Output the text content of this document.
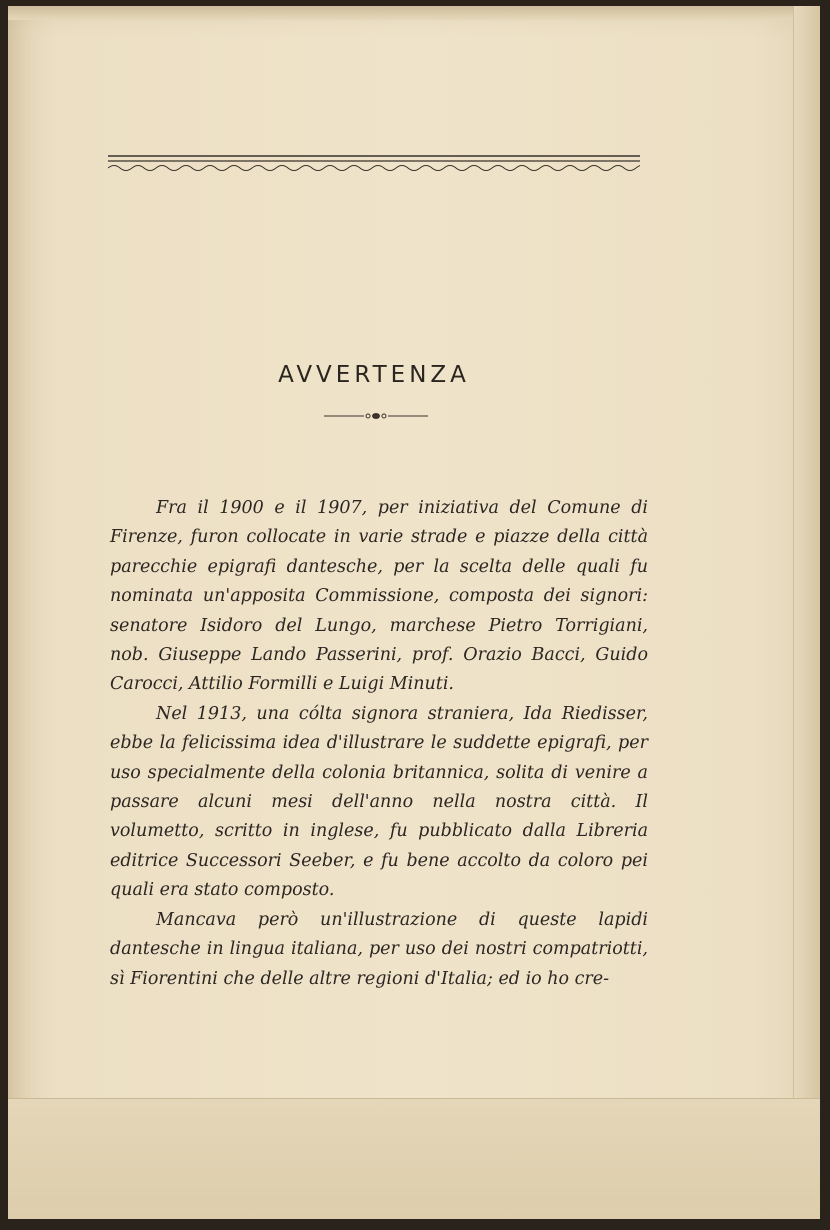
AVVERTENZA

Fra il 1900 e il 1907, per iniziativa del Comune di Firenze, furon collocate in varie strade e piazze della città parecchie epigrafi dantesche, per la scelta delle quali fu nominata un'apposita Commissione, composta dei signori: senatore Isidoro del Lungo, marchese Pietro Torrigiani, nob. Giuseppe Lando Passerini, prof. Orazio Bacci, Guido Carocci, Attilio Formilli e Luigi Minuti.

Nel 1913, una cólta signora straniera, Ida Riedisser, ebbe la felicissima idea d'illustrare le suddette epigrafi, per uso specialmente della colonia britannica, solita di venire a passare alcuni mesi dell'anno nella nostra città. Il volumetto, scritto in inglese, fu pubblicato dalla Libreria editrice Successori Seeber, e fu bene accolto da coloro pei quali era stato composto.

Mancava però un'illustrazione di queste lapidi dantesche in lingua italiana, per uso dei nostri compatriotti, sì Fiorentini che delle altre regioni d'Italia; ed io ho cre-
